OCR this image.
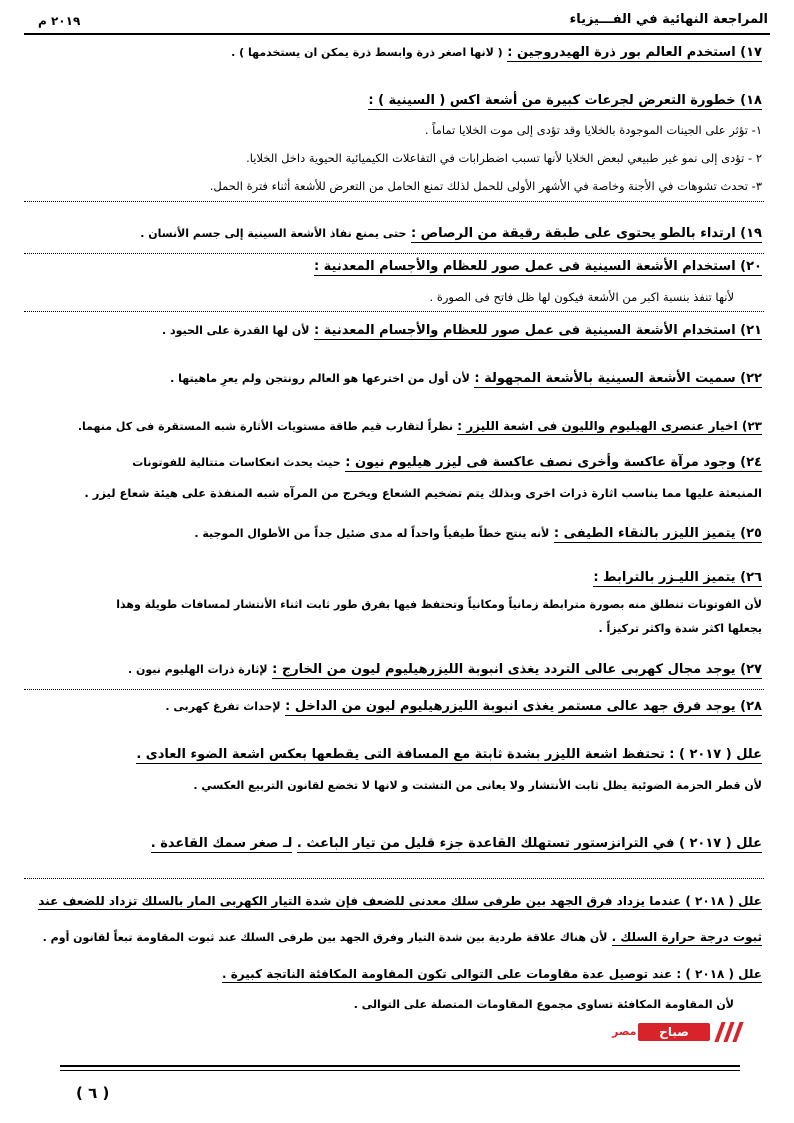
المراجعة النهائية في الفـــيزياء
٢٠١٩ م
١٧) استخدم العالم بور ذرة الهيدروجين : ( لانها اصغر ذرة وابسط ذرة يمكن ان يستخدمها ) .
١٨) خطورة التعرض لجرعات كبيرة من أشعة اكس ( السينية ) :
١- تؤثر على الجينات الموجودة بالخلايا وقد تؤدى إلى موت الخلايا تماماً .
٢ - تؤدى إلى نمو غير طبيعي لبعض الخلايا لأنها تسبب اضطرابات في التفاعلات الكيميائية الحيوية داخل الخلايا.
٣- تحدث تشوهات في الأجنة وخاصة في الأشهر الأولى للحمل لذلك تمنع الحامل من التعرض للأشعة أثناء فترة الحمل.
١٩) ارتداء بالطو يحتوى على طبقة رقيقة من الرصاص : حتى يمنع نفاذ الأشعة السينية إلى جسم الأنسان .
٢٠) استخدام الأشعة السينية فى عمل صور للعظام والأجسام المعدنية :
لأنها تنفذ بنسبة اكبر من الأشعة فيكون لها ظل فاتح فى الصورة .
٢١) استخدام الأشعة السينية فى عمل صور للعظام والأجسام المعدنية : لأن لها القدرة على الحيود .
٢٢) سميت الأشعة السينية بالأشعة المجهولة : لأن أول من اخترعها هو العالم رونتجن ولم يعرِ ماهيتها .
٢٣) اخيار عنصرى الهيليوم والليون فى اشعة الليزر : نظراً لتقارب قيم طاقة مستويات الأثارة شبه المستقرة فى كل منهما.
٢٤) وجود مرآة عاكسة وأخرى نصف عاكسة فى ليزر هيليوم نيون : حيث يحدث انعكاسات متتالية للفوتونات
المنبعثة عليها مما يناسب اثارة ذرات اخرى وبذلك يتم تضخيم الشعاع ويخرج من المرآه شبه المنفذة على هيئة شعاع ليزر .
٢٥) يتميز الليزر بالنقاء الطيفى : لأنه ينتج خطاً طيفياً واحداً له مدى ضئيل جداً من الأطوال الموجية .
٢٦) يتميز الليـزر بالترابط :
لأن الفوتونات تنطلق منه بصورة مترابطة زمانياً ومكانياً وتحتفظ فيها بفرق طور ثابت اثناء الأنتشار لمسافات طويلة وهذا
يجعلها اكثر شدة واكثر تركيزاً .
٢٧) يوجد مجال كهربى عالى التردد يغذى انبوبة الليزرهيليوم ليون من الخارج : لإثارة ذرات الهليوم نيون .
٢٨) يوجد فرق جهد عالى مستمر يغذى انبوبة الليزرهيليوم ليون من الداخل : لإحداث تفرغ كهربى .
علل ( ٢٠١٧ ) : تحتفظ اشعة الليزر بشدة ثابتة مع المسافة التى يقطعها بعكس اشعة الضوء العادى .
لأن قطر الحزمة الضوئية يظل ثابت الأنتشار ولا يعانى من التشتت و لانها لا تخضع لقانون التربيع العكسي .
علل ( ٢٠١٧ ) في الترانزستور تستهلك القاعدة جزء قليل من تيار الباعث . لـ صغر سمك القاعدة .
علل ( ٢٠١٨ ) عندما يزداد فرق الجهد بين طرفى سلك معدنى للضعف فإن شدة التيار الكهربى المار بالسلك تزداد للضعف عند
ثبوت درجة حرارة السلك . لأن هناك علاقة طردية بين شدة التيار وفرق الجهد بين طرفى السلك عند ثبوت المقاومة تبعاً لقانون أوم .
علل ( ٢٠١٨ ) : عند توصيل عدة مقاومات على التوالى تكون المقاومة المكافئة الناتجة كبيرة .
لأن المقاومة المكافئة تساوى مجموع المقاومات المتصلة على التوالى .
مصر	صباح
( ٦ )
